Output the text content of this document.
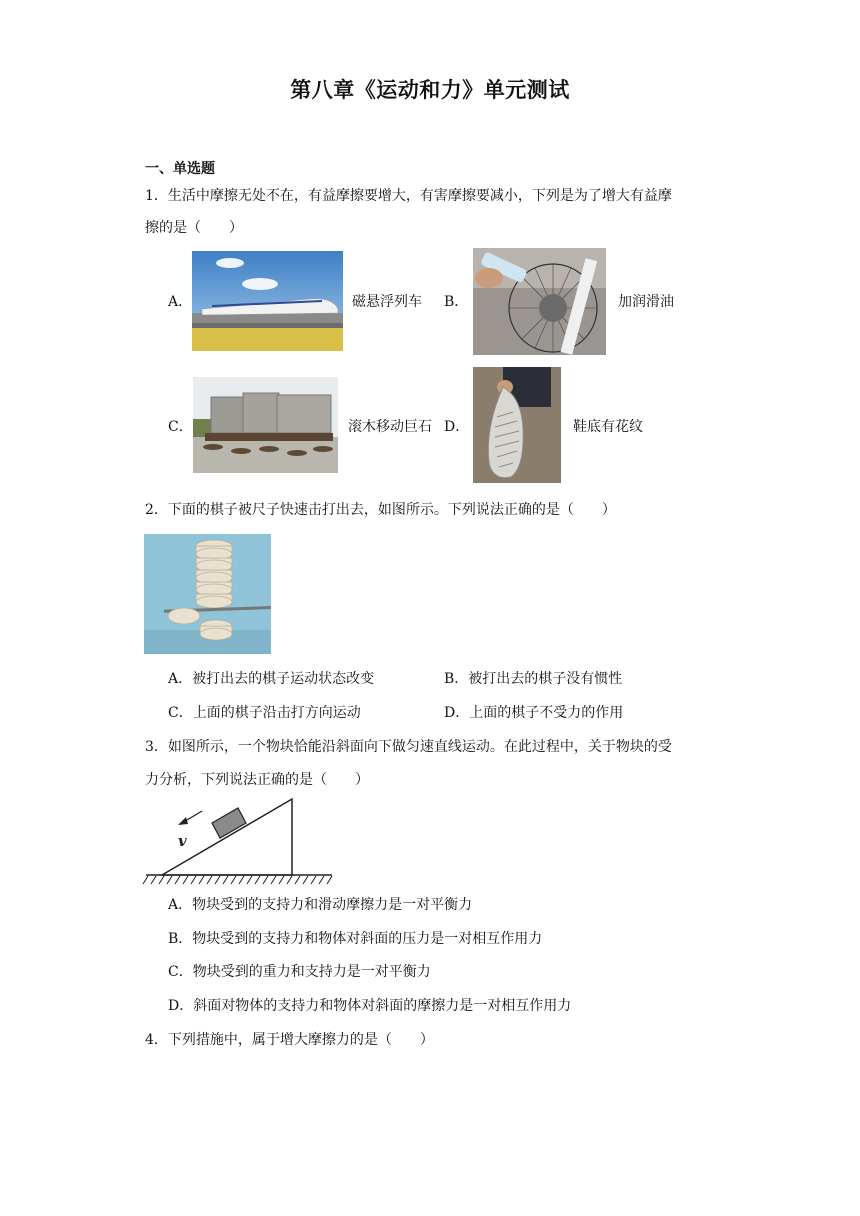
第八章《运动和力》单元测试
一、单选题
1．生活中摩擦无处不在，有益摩擦要增大，有害摩擦要减小，下列是为了增大有益摩
擦的是（　　）
A．	磁悬浮列车 B．	加润滑油
C．	滚木移动巨石 D．	鞋底有花纹
2．下面的棋子被尺子快速击打出去，如图所示。下列说法正确的是（　　）
A．被打出去的棋子运动状态改变	B．被打出去的棋子没有惯性
C．上面的棋子沿击打方向运动	D．上面的棋子不受力的作用
3．如图所示，一个物块恰能沿斜面向下做匀速直线运动。在此过程中，关于物块的受
力分析，下列说法正确的是（　　）
v
A．物块受到的支持力和滑动摩擦力是一对平衡力
B．物块受到的支持力和物体对斜面的压力是一对相互作用力
C．物块受到的重力和支持力是一对平衡力
D．斜面对物体的支持力和物体对斜面的摩擦力是一对相互作用力
4．下列措施中，属于增大摩擦力的是（　　）
